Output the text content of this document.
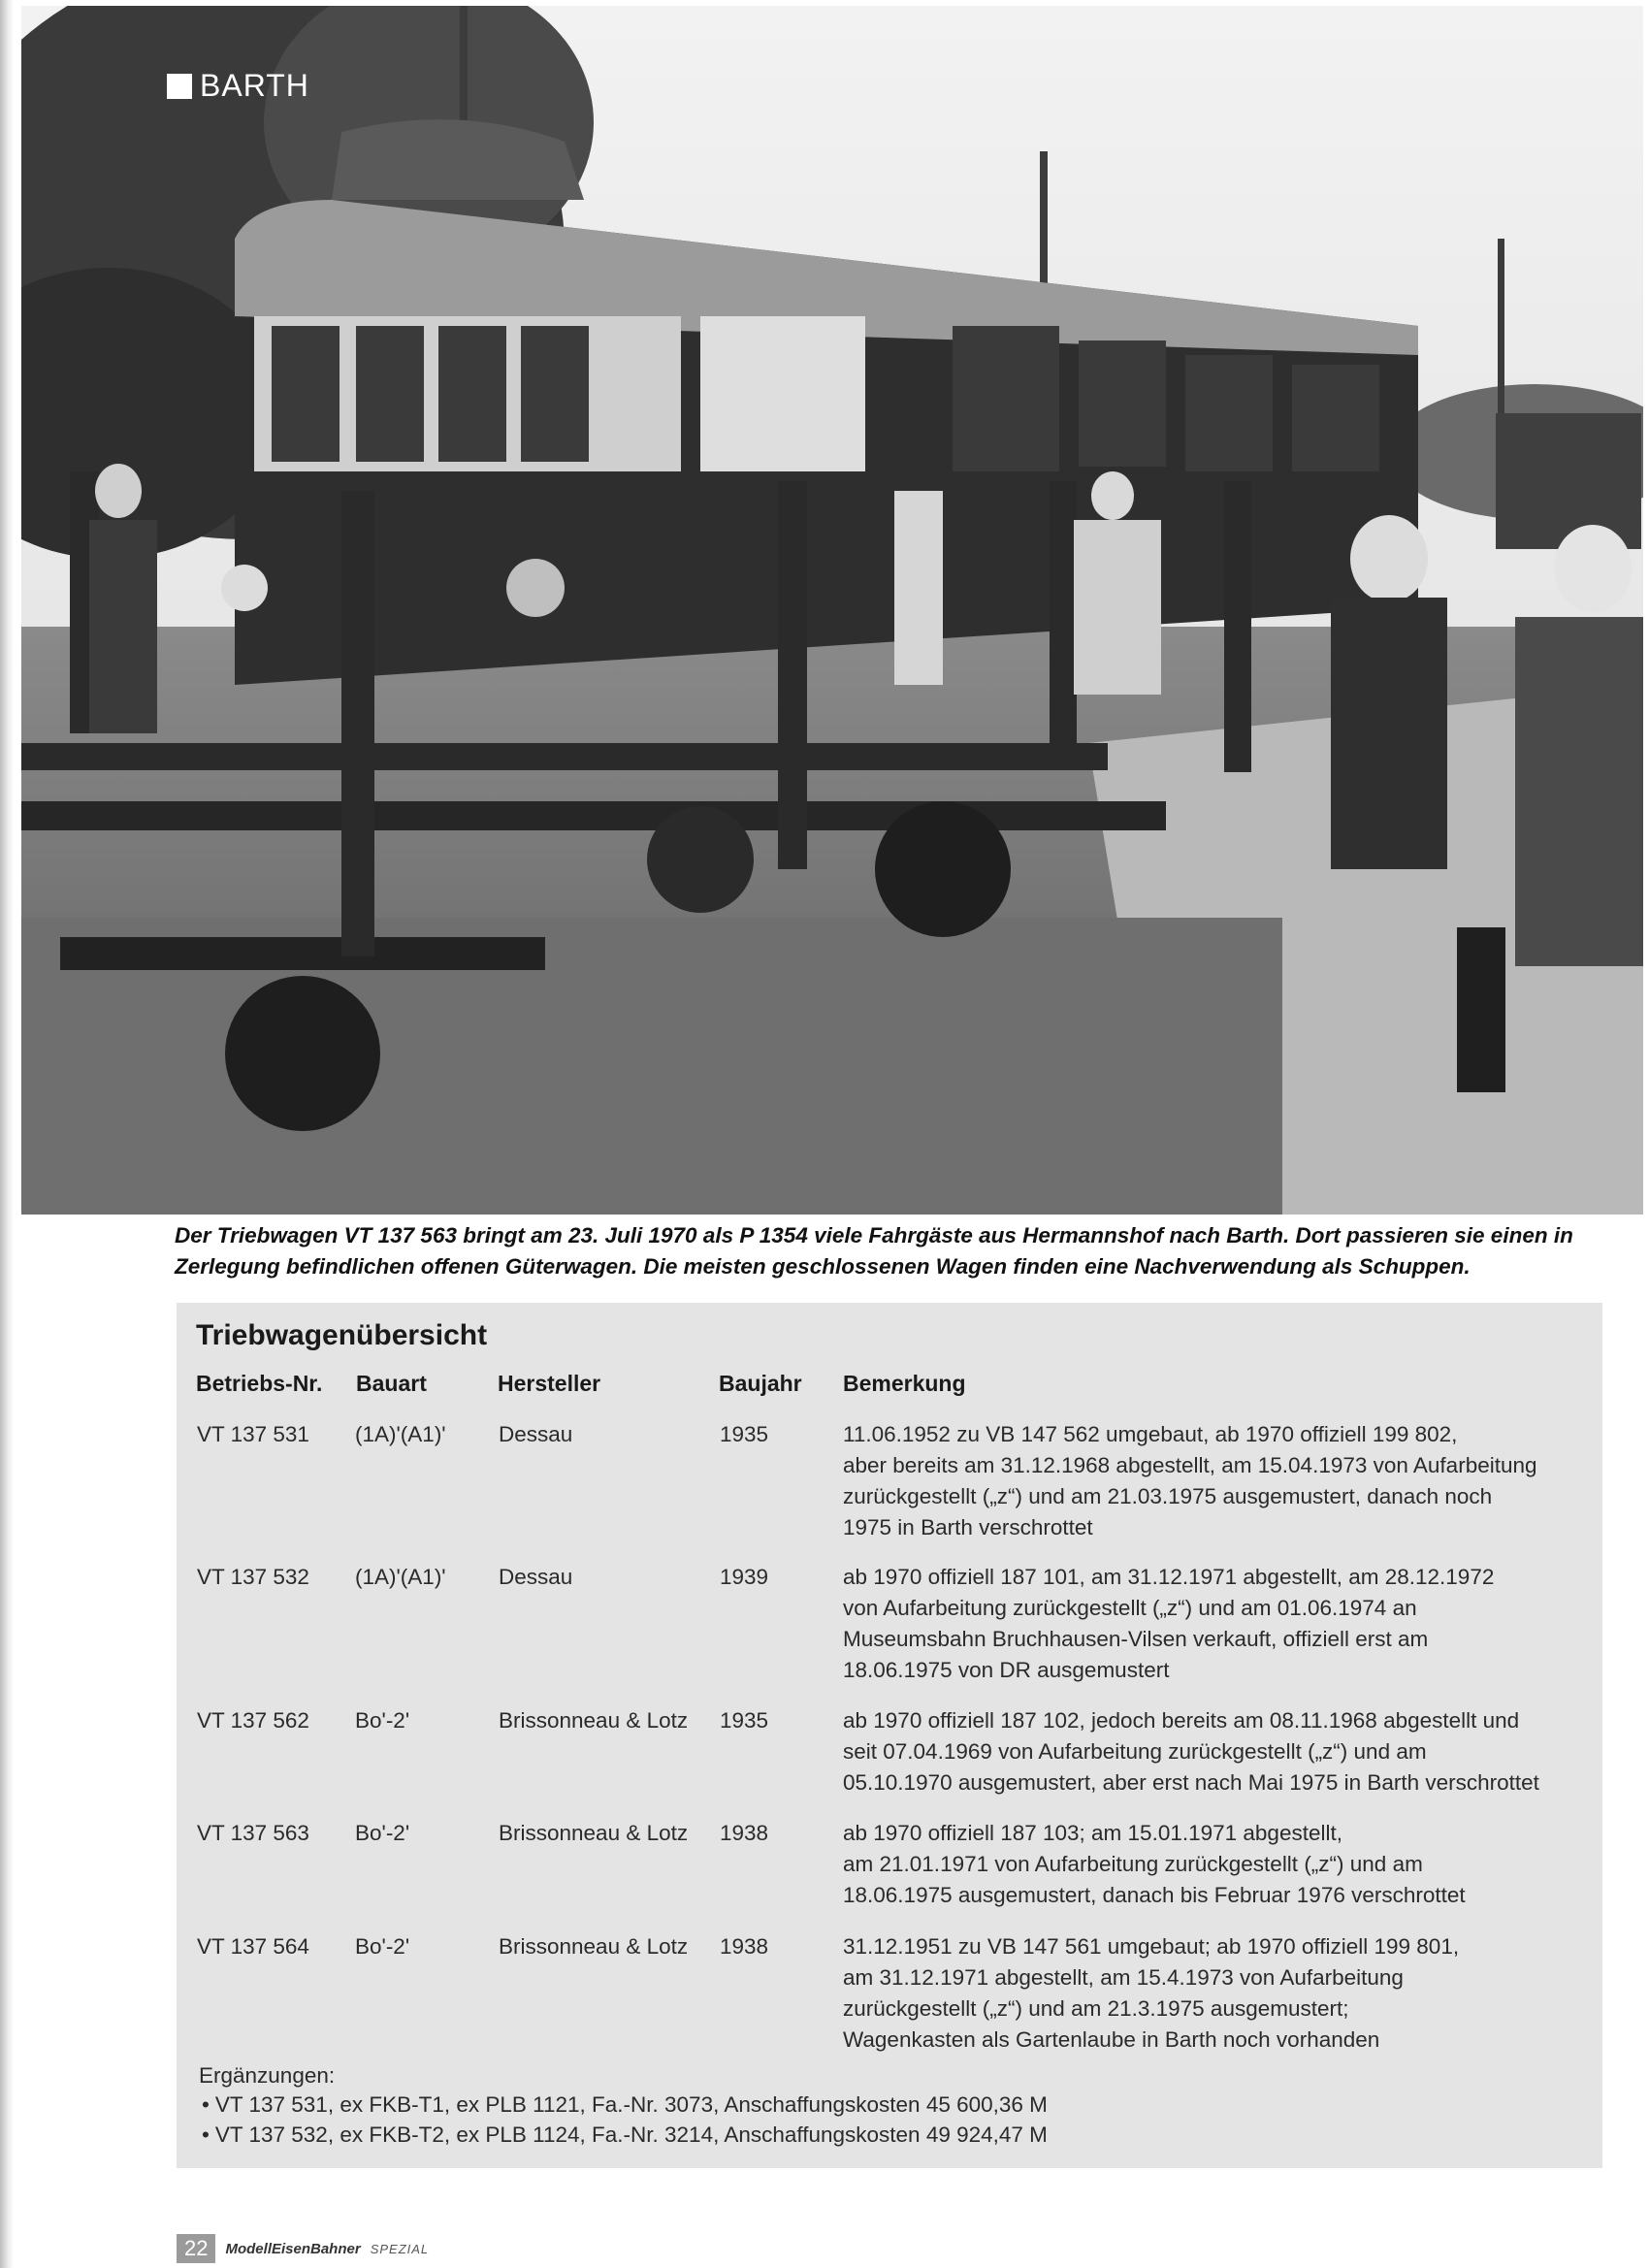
BARTH
Der Triebwagen VT 137 563 bringt am 23. Juli 1970 als P 1354 viele Fahrgäste aus Hermannshof nach Barth. Dort passieren sie einen in Zerlegung befindlichen offenen Güterwagen. Die meisten geschlossenen Wagen finden eine Nachverwendung als Schuppen.
Triebwagenübersicht
Betriebs-Nr. Bauart	Hersteller	Baujahr Bemerkung
VT 137 531 (1A)'(A1)' Dessau	1935	11.06.1952 zu VB 147 562 umgebaut, ab 1970 offiziell 199 802,
aber bereits am 31.12.1968 abgestellt, am 15.04.1973 von Aufarbeitung
zurückgestellt („z“) und am 21.03.1975 ausgemustert, danach noch
1975 in Barth verschrottet
VT 137 532 (1A)'(A1)' Dessau	1939	ab 1970 offiziell 187 101, am 31.12.1971 abgestellt, am 28.12.1972
von Aufarbeitung zurückgestellt („z“) und am 01.06.1974 an
Museumsbahn Bruchhausen-Vilsen verkauft, offiziell erst am
18.06.1975 von DR ausgemustert
VT 137 562 Bo'-2'	Brissonneau & Lotz 1935	ab 1970 offiziell 187 102, jedoch bereits am 08.11.1968 abgestellt und
seit 07.04.1969 von Aufarbeitung zurückgestellt („z“) und am
05.10.1970 ausgemustert, aber erst nach Mai 1975 in Barth verschrottet
VT 137 563 Bo'-2'	Brissonneau & Lotz 1938	ab 1970 offiziell 187 103; am 15.01.1971 abgestellt,
am 21.01.1971 von Aufarbeitung zurückgestellt („z“) und am
18.06.1975 ausgemustert, danach bis Februar 1976 verschrottet
VT 137 564 Bo'-2'	Brissonneau & Lotz 1938	31.12.1951 zu VB 147 561 umgebaut; ab 1970 offiziell 199 801,
am 31.12.1971 abgestellt, am 15.4.1973 von Aufarbeitung
zurückgestellt („z“) und am 21.3.1975 ausgemustert;
Wagenkasten als Gartenlaube in Barth noch vorhanden
Ergänzungen:
• VT 137 531, ex FKB-T1, ex PLB 1121, Fa.-Nr. 3073, Anschaffungskosten 45 600,36 M
• VT 137 532, ex FKB-T2, ex PLB 1124, Fa.-Nr. 3214, Anschaffungskosten 49 924,47 M
22	ModellEisenBahner SPEZIAL
